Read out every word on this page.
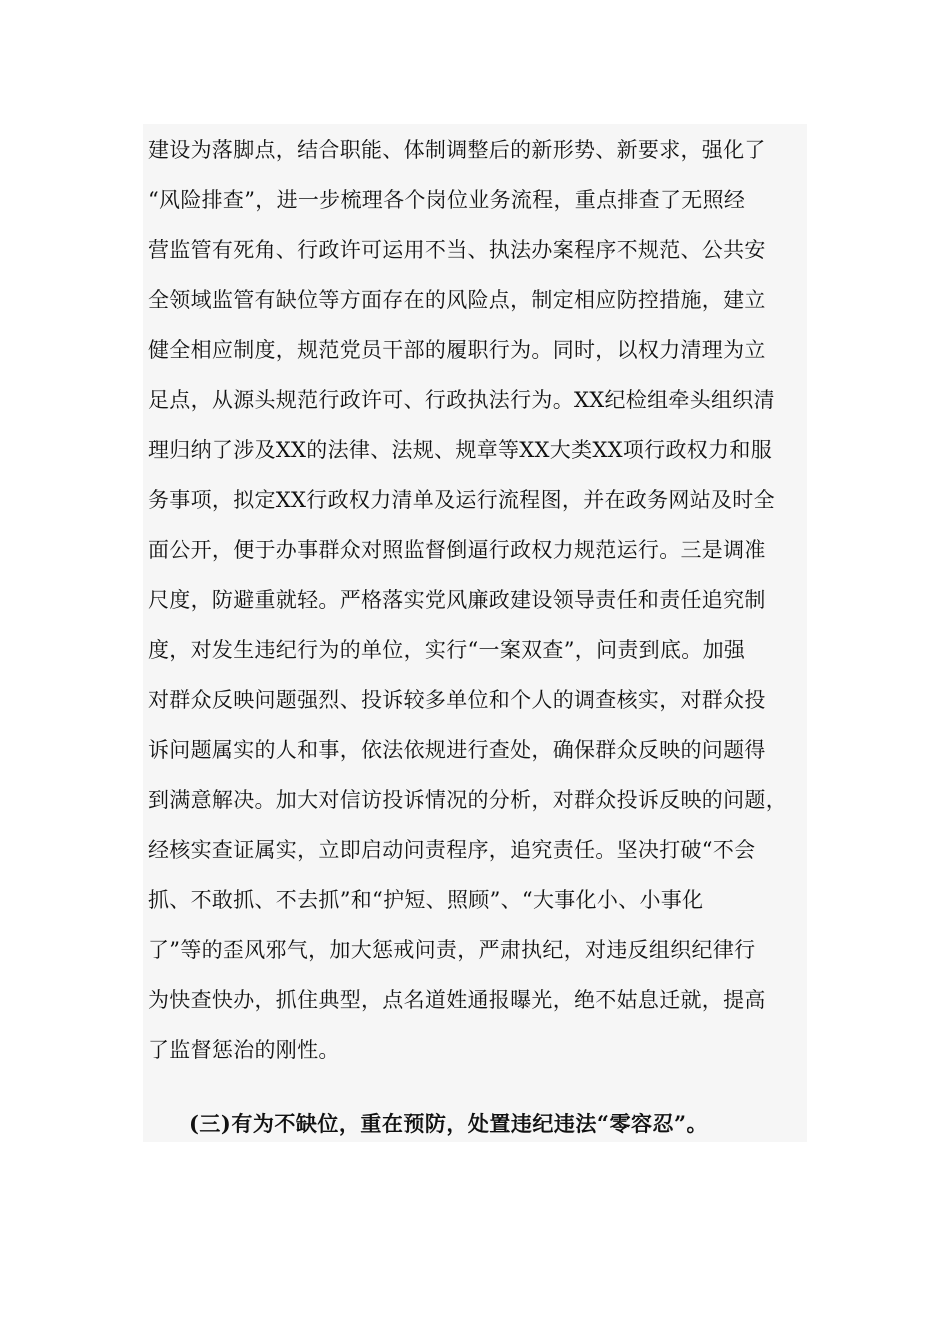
建设为落脚点，结合职能、体制调整后的新形势、新要求，强化了
“风险排查”，进一步梳理各个岗位业务流程，重点排查了无照经
营监管有死角、行政许可运用不当、执法办案程序不规范、公共安
全领域监管有缺位等方面存在的风险点，制定相应防控措施，建立
健全相应制度，规范党员干部的履职行为。同时，以权力清理为立
足点，从源头规范行政许可、行政执法行为。XX纪检组牵头组织清
理归纳了涉及XX的法律、法规、规章等XX大类XX项行政权力和服
务事项，拟定XX行政权力清单及运行流程图，并在政务网站及时全
面公开，便于办事群众对照监督倒逼行政权力规范运行。三是调准
尺度，防避重就轻。严格落实党风廉政建设领导责任和责任追究制
度，对发生违纪行为的单位，实行“一案双查”，问责到底。加强
对群众反映问题强烈、投诉较多单位和个人的调查核实，对群众投
诉问题属实的人和事，依法依规进行查处，确保群众反映的问题得
到满意解决。加大对信访投诉情况的分析，对群众投诉反映的问题，
经核实查证属实，立即启动问责程序，追究责任。坚决打破“不会
抓、不敢抓、不去抓”和“护短、照顾”、“大事化小、小事化
了”等的歪风邪气，加大惩戒问责，严肃执纪，对违反组织纪律行
为快查快办，抓住典型，点名道姓通报曝光，绝不姑息迁就，提高
了监督惩治的刚性。
(三)有为不缺位，重在预防，处置违纪违法“零容忍”。
